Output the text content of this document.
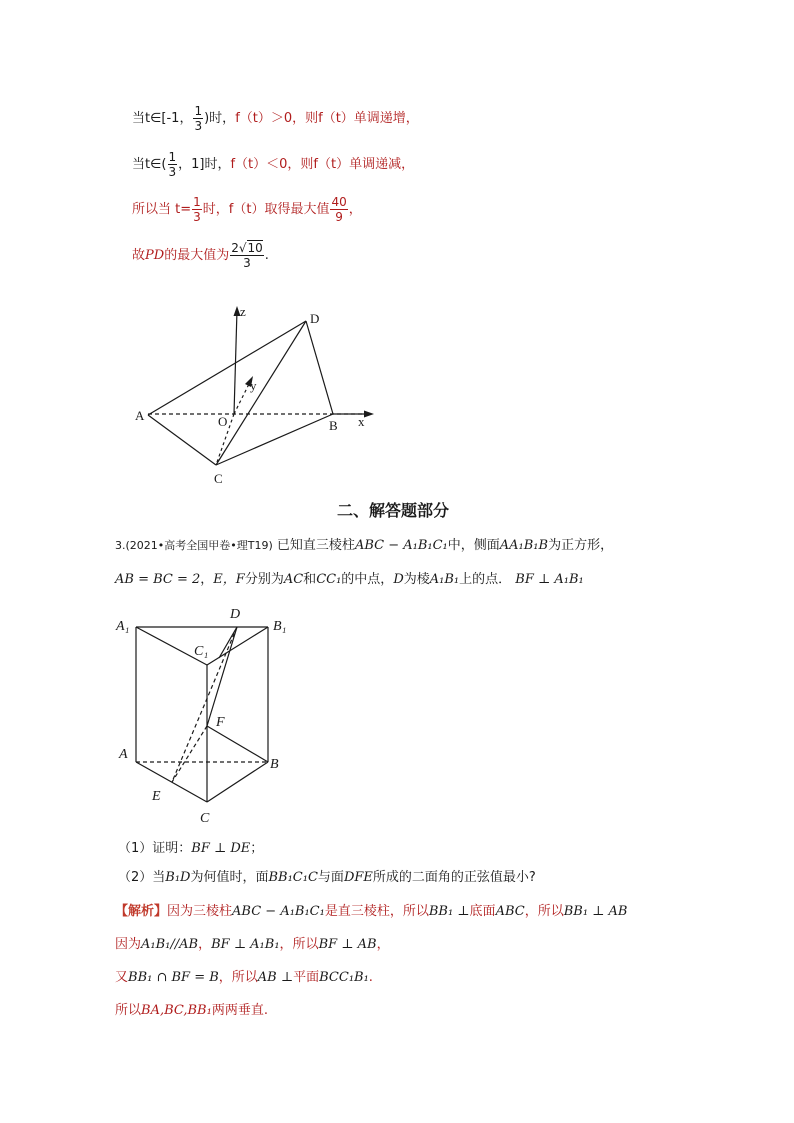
当t∈[-1， $\frac{1}{3}$ )时，f（t）＞0，则f（t）单调递增，
当t∈( $\frac{1}{3}$ ，1]时，f（t）＜0，则f（t）单调递减，
所以当 $t= \frac{1}{3}$ 时，f（t）取得最大值 $\frac{40}{9}$ ，
故PD的最大值为 $\frac{2√10}{3}$ .
z
y
x
A	O	B
C
D
二、解答题部分
3.(2021•高考全国甲卷•理T19) 已知直三棱柱ABC − A₁B₁C₁中，侧面AA₁B₁B为正方形，
AB = BC = 2，E，F分别为AC和CC₁的中点，D为棱A₁B₁上的点． BF ⊥ A₁B₁
A₁	B₁
C₁
D
F
A
B
E
C
（1）证明：BF ⊥ DE；
（2）当B₁D为何值时，面BB₁C₁C与面DFE所成的二面角的正弦值最小?
【解析】因为三棱柱ABC − A₁B₁C₁是直三棱柱，所以BB₁ ⊥底面ABC，所以BB₁ ⊥ AB
因为A₁B₁//AB，BF ⊥ A₁B₁，所以BF ⊥ AB，
又BB₁ ∩ BF = B，所以AB ⊥平面BCC₁B₁.
所以BA,BC,BB₁两两垂直.
